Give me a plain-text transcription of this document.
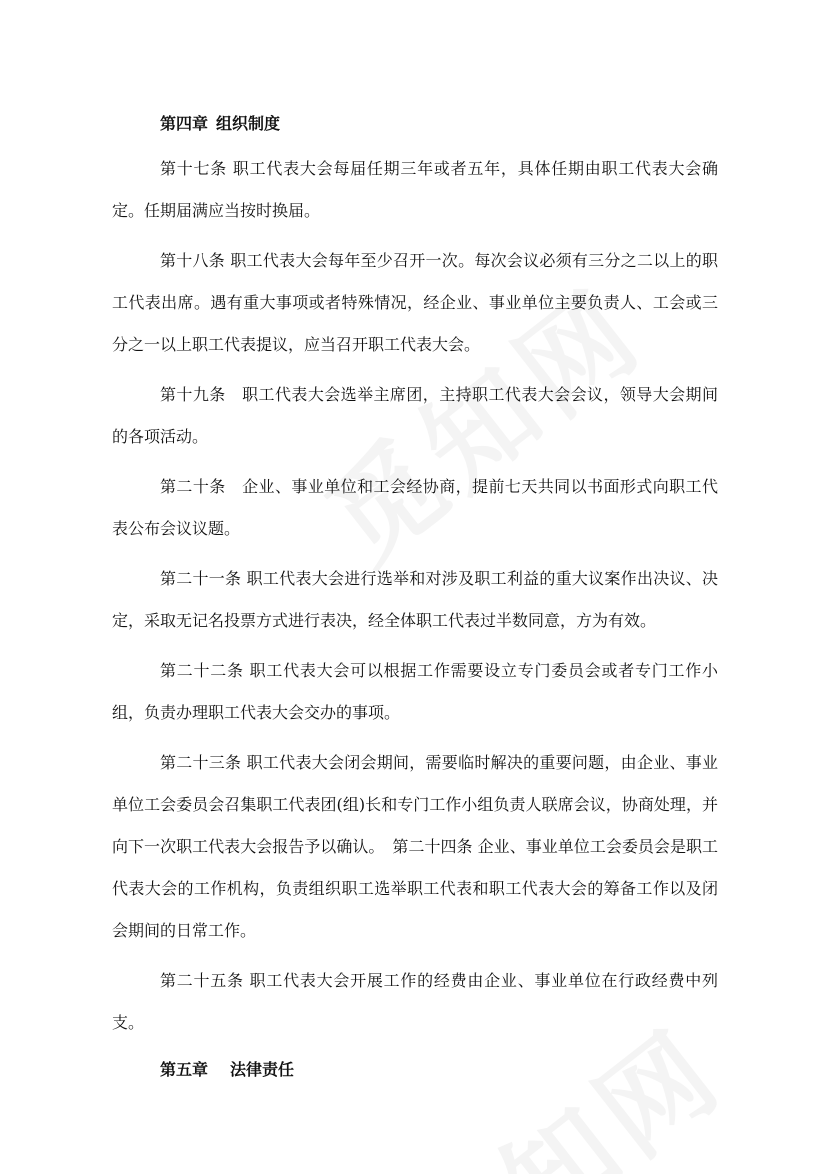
第四章 组织制度

第十七条 职工代表大会每届任期三年或者五年，具体任期由职工代表大会确定。任期届满应当按时换届。

第十八条 职工代表大会每年至少召开一次。每次会议必须有三分之二以上的职工代表出席。遇有重大事项或者特殊情况，经企业、事业单位主要负责人、工会或三分之一以上职工代表提议，应当召开职工代表大会。

第十九条　职工代表大会选举主席团，主持职工代表大会会议，领导大会期间的各项活动。

第二十条　企业、事业单位和工会经协商，提前七天共同以书面形式向职工代表公布会议议题。

第二十一条 职工代表大会进行选举和对涉及职工利益的重大议案作出决议、决定，采取无记名投票方式进行表决，经全体职工代表过半数同意，方为有效。

第二十二条 职工代表大会可以根据工作需要设立专门委员会或者专门工作小组，负责办理职工代表大会交办的事项。

第二十三条 职工代表大会闭会期间，需要临时解决的重要问题，由企业、事业单位工会委员会召集职工代表团(组)长和专门工作小组负责人联席会议，协商处理，并向下一次职工代表大会报告予以确认。　第二十四条 企业、事业单位工会委员会是职工代表大会的工作机构，负责组织职工选举职工代表和职工代表大会的筹备工作以及闭会期间的日常工作。

第二十五条 职工代表大会开展工作的经费由企业、事业单位在行政经费中列支。

第五章 法律责任
